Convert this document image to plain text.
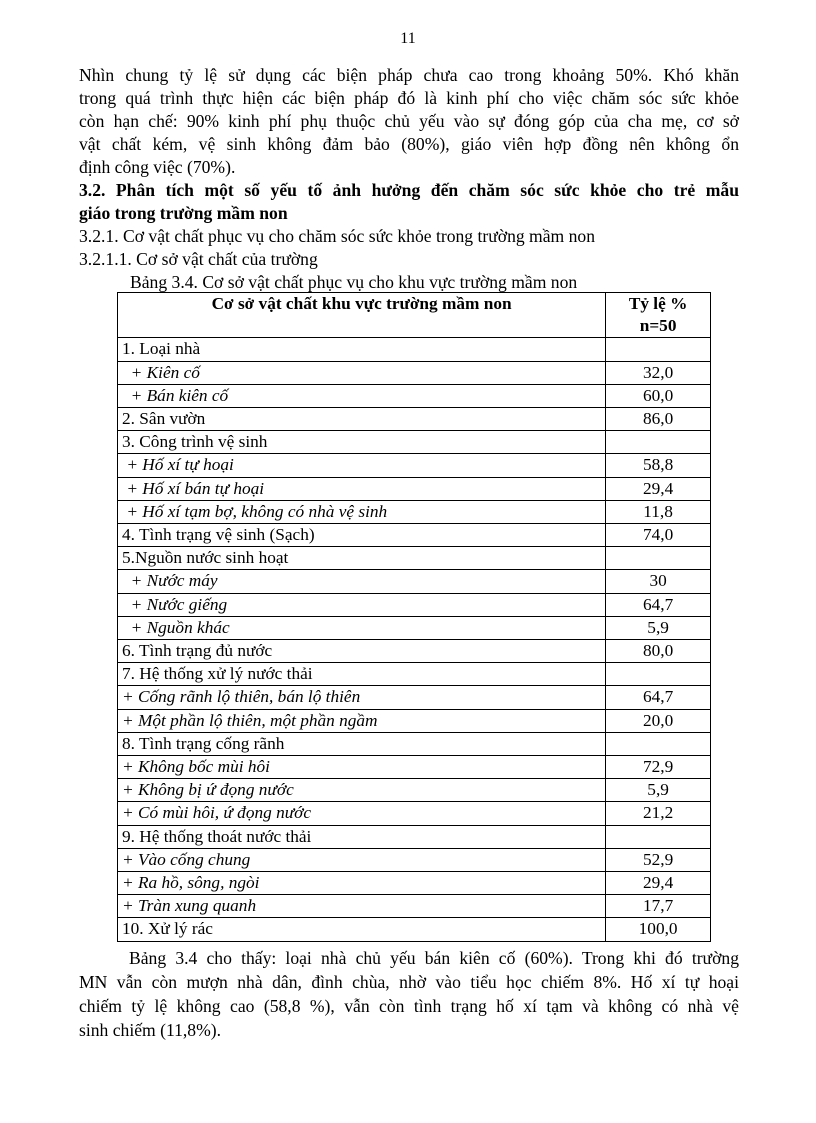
11

Nhìn chung tỷ lệ sử dụng các biện pháp chưa cao trong khoảng 50%. Khó khăn

trong quá trình thực hiện các biện pháp đó là kinh phí cho việc chăm sóc sức khỏe

còn hạn chế: 90% kinh phí phụ thuộc chủ yếu vào sự đóng góp của cha mẹ, cơ sở

vật chất kém, vệ sinh không đảm bảo (80%), giáo viên hợp đồng nên không ổn

định công việc (70%).

3.2. Phân tích một số yếu tố ảnh hưởng đến chăm sóc sức khỏe cho trẻ mẫu

giáo trong trường mầm non

3.2.1. Cơ vật chất phục vụ cho chăm sóc sức khỏe trong trường mầm non

3.2.1.1. Cơ sở vật chất của trường

Bảng 3.4. Cơ sở vật chất phục vụ cho khu vực trường mầm non

Cơ sở vật chất khu vực trường mầm non	Tỷ lệ %
n=50

1. Loại nhà	
+ Kiên cố	32,0
+ Bán kiên cố	60,0
2. Sân vườn	86,0
3. Công trình vệ sinh	
+ Hố xí tự hoại	58,8
+ Hố xí bán tự hoại	29,4
+ Hố xí tạm bợ, không có nhà vệ sinh	11,8
4. Tình trạng vệ sinh (Sạch)	74,0
5.Nguồn nước sinh hoạt	
+ Nước máy	30
+ Nước giếng	64,7
+ Nguồn khác	5,9
6. Tình trạng đủ nước	80,0
7. Hệ thống xử lý nước thải	
+ Cống rãnh lộ thiên, bán lộ thiên	64,7
+ Một phần lộ thiên, một phần ngầm	20,0
8. Tình trạng cống rãnh	
+ Không bốc mùi hôi	72,9
+ Không bị ứ đọng nước	5,9
+ Có mùi hôi, ứ đọng nước	21,2
9. Hệ thống thoát nước thải	
+ Vào cống chung	52,9
+ Ra hồ, sông, ngòi	29,4
+ Tràn xung quanh	17,7
10. Xử lý rác	100,0

Bảng 3.4 cho thấy: loại nhà chủ yếu bán kiên cố (60%). Trong khi đó trường

MN vẫn còn mượn nhà dân, đình chùa, nhờ vào tiểu học chiếm 8%. Hố xí tự hoại

chiếm tỷ lệ không cao (58,8 %), vẫn còn tình trạng hố xí tạm và không có nhà vệ

sinh chiếm (11,8%).
